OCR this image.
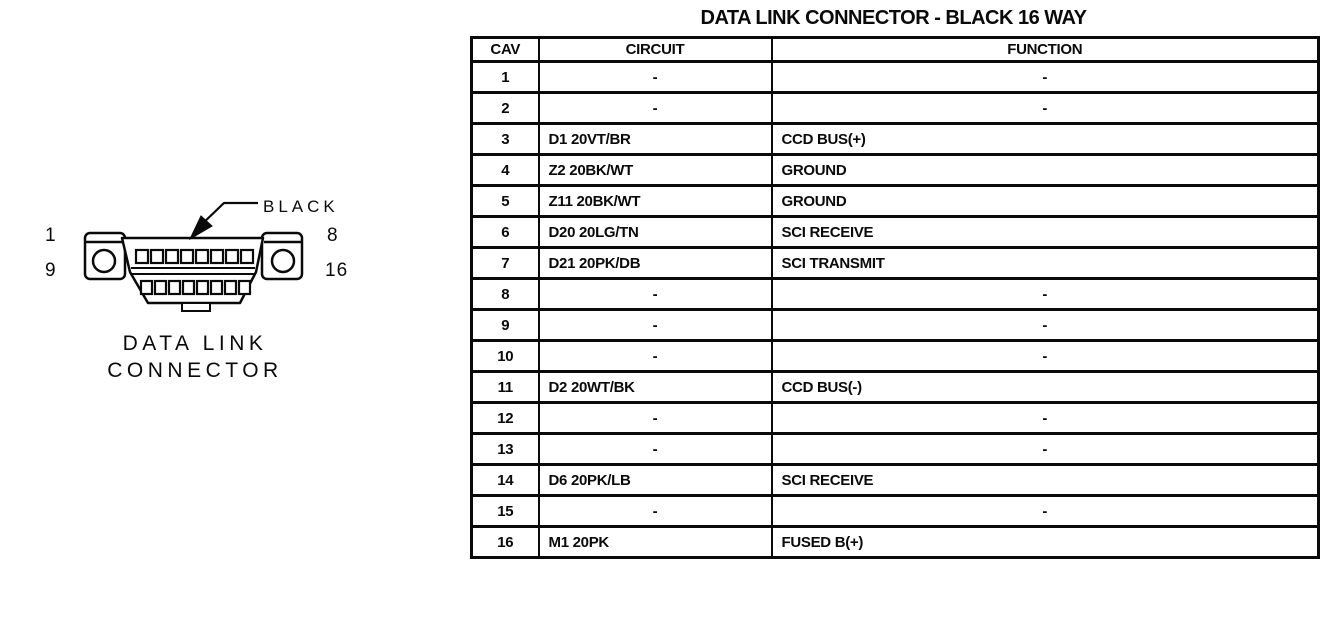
DATA LINK CONNECTOR - BLACK 16 WAY
BLACK
1
9
8
16
DATA LINK
CONNECTOR
CAV	CIRCUIT	FUNCTION
1	-	-
2	-	-
3	D1 20VT/BR	CCD BUS(+)
4	Z2 20BK/WT	GROUND
5	Z11 20BK/WT	GROUND
6	D20 20LG/TN	SCI RECEIVE
7	D21 20PK/DB	SCI TRANSMIT
8	-	-
9	-	-
10	-	-
11	D2 20WT/BK	CCD BUS(-)
12	-	-
13	-	-
14	D6 20PK/LB	SCI RECEIVE
15	-	-
16	M1 20PK	FUSED B(+)
